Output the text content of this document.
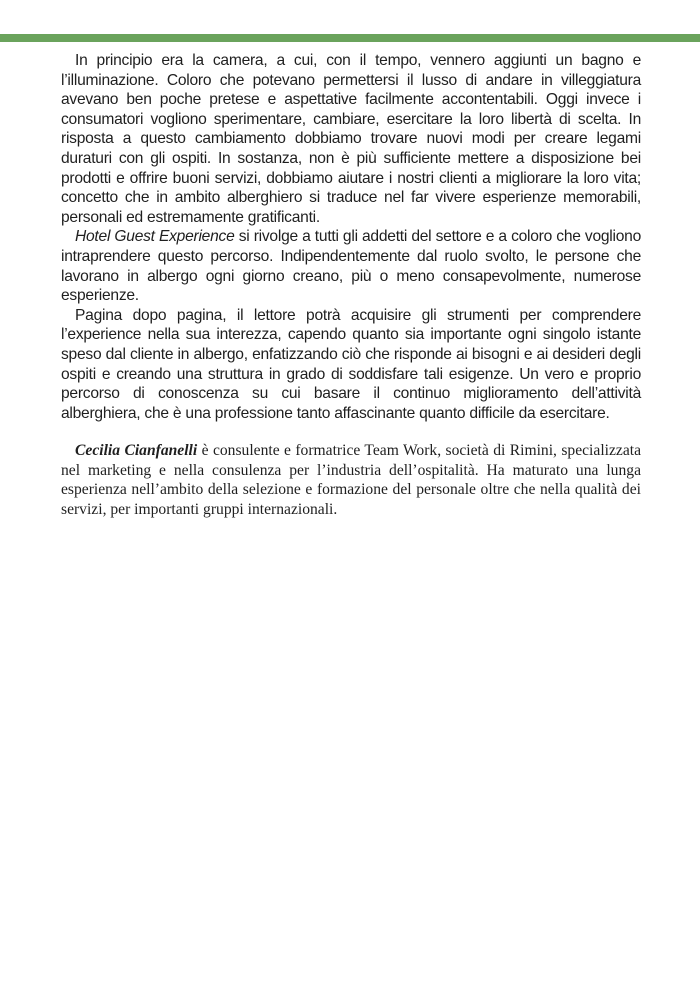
In principio era la camera, a cui, con il tempo, vennero aggiunti un bagno e l’illuminazione. Coloro che potevano permettersi il lusso di andare in villeggiatura avevano ben poche pretese e aspettative facilmente accontentabili. Oggi invece i consumatori vogliono sperimentare, cambiare, esercitare la loro libertà di scelta. In risposta a questo cambiamento dobbiamo trovare nuovi modi per creare legami duraturi con gli ospiti. In sostanza, non è più sufficiente mettere a disposizione bei prodotti e offrire buoni servizi, dobbiamo aiutare i nostri clienti a migliorare la loro vita; concetto che in ambito alberghiero si traduce nel far vivere esperienze memorabili, personali ed estremamente gratificanti.

Hotel Guest Experience si rivolge a tutti gli addetti del settore e a coloro che vogliono intraprendere questo percorso. Indipendentemente dal ruolo svolto, le persone che lavorano in albergo ogni giorno creano, più o meno consapevolmente, numerose esperienze.

Pagina dopo pagina, il lettore potrà acquisire gli strumenti per comprendere l’experience nella sua interezza, capendo quanto sia importante ogni singolo istante speso dal cliente in albergo, enfatizzando ciò che risponde ai bisogni e ai desideri degli ospiti e creando una struttura in grado di soddisfare tali esigenze. Un vero e proprio percorso di conoscenza su cui basare il continuo miglioramento dell’attività alberghiera, che è una professione tanto affascinante quanto difficile da esercitare.

Cecilia Cianfanelli è consulente e formatrice Team Work, società di Rimini, specializzata nel marketing e nella consulenza per l’industria dell’ospitalità. Ha maturato una lunga esperienza nell’ambito della selezione e formazione del personale oltre che nella qualità dei servizi, per importanti gruppi internazionali.
